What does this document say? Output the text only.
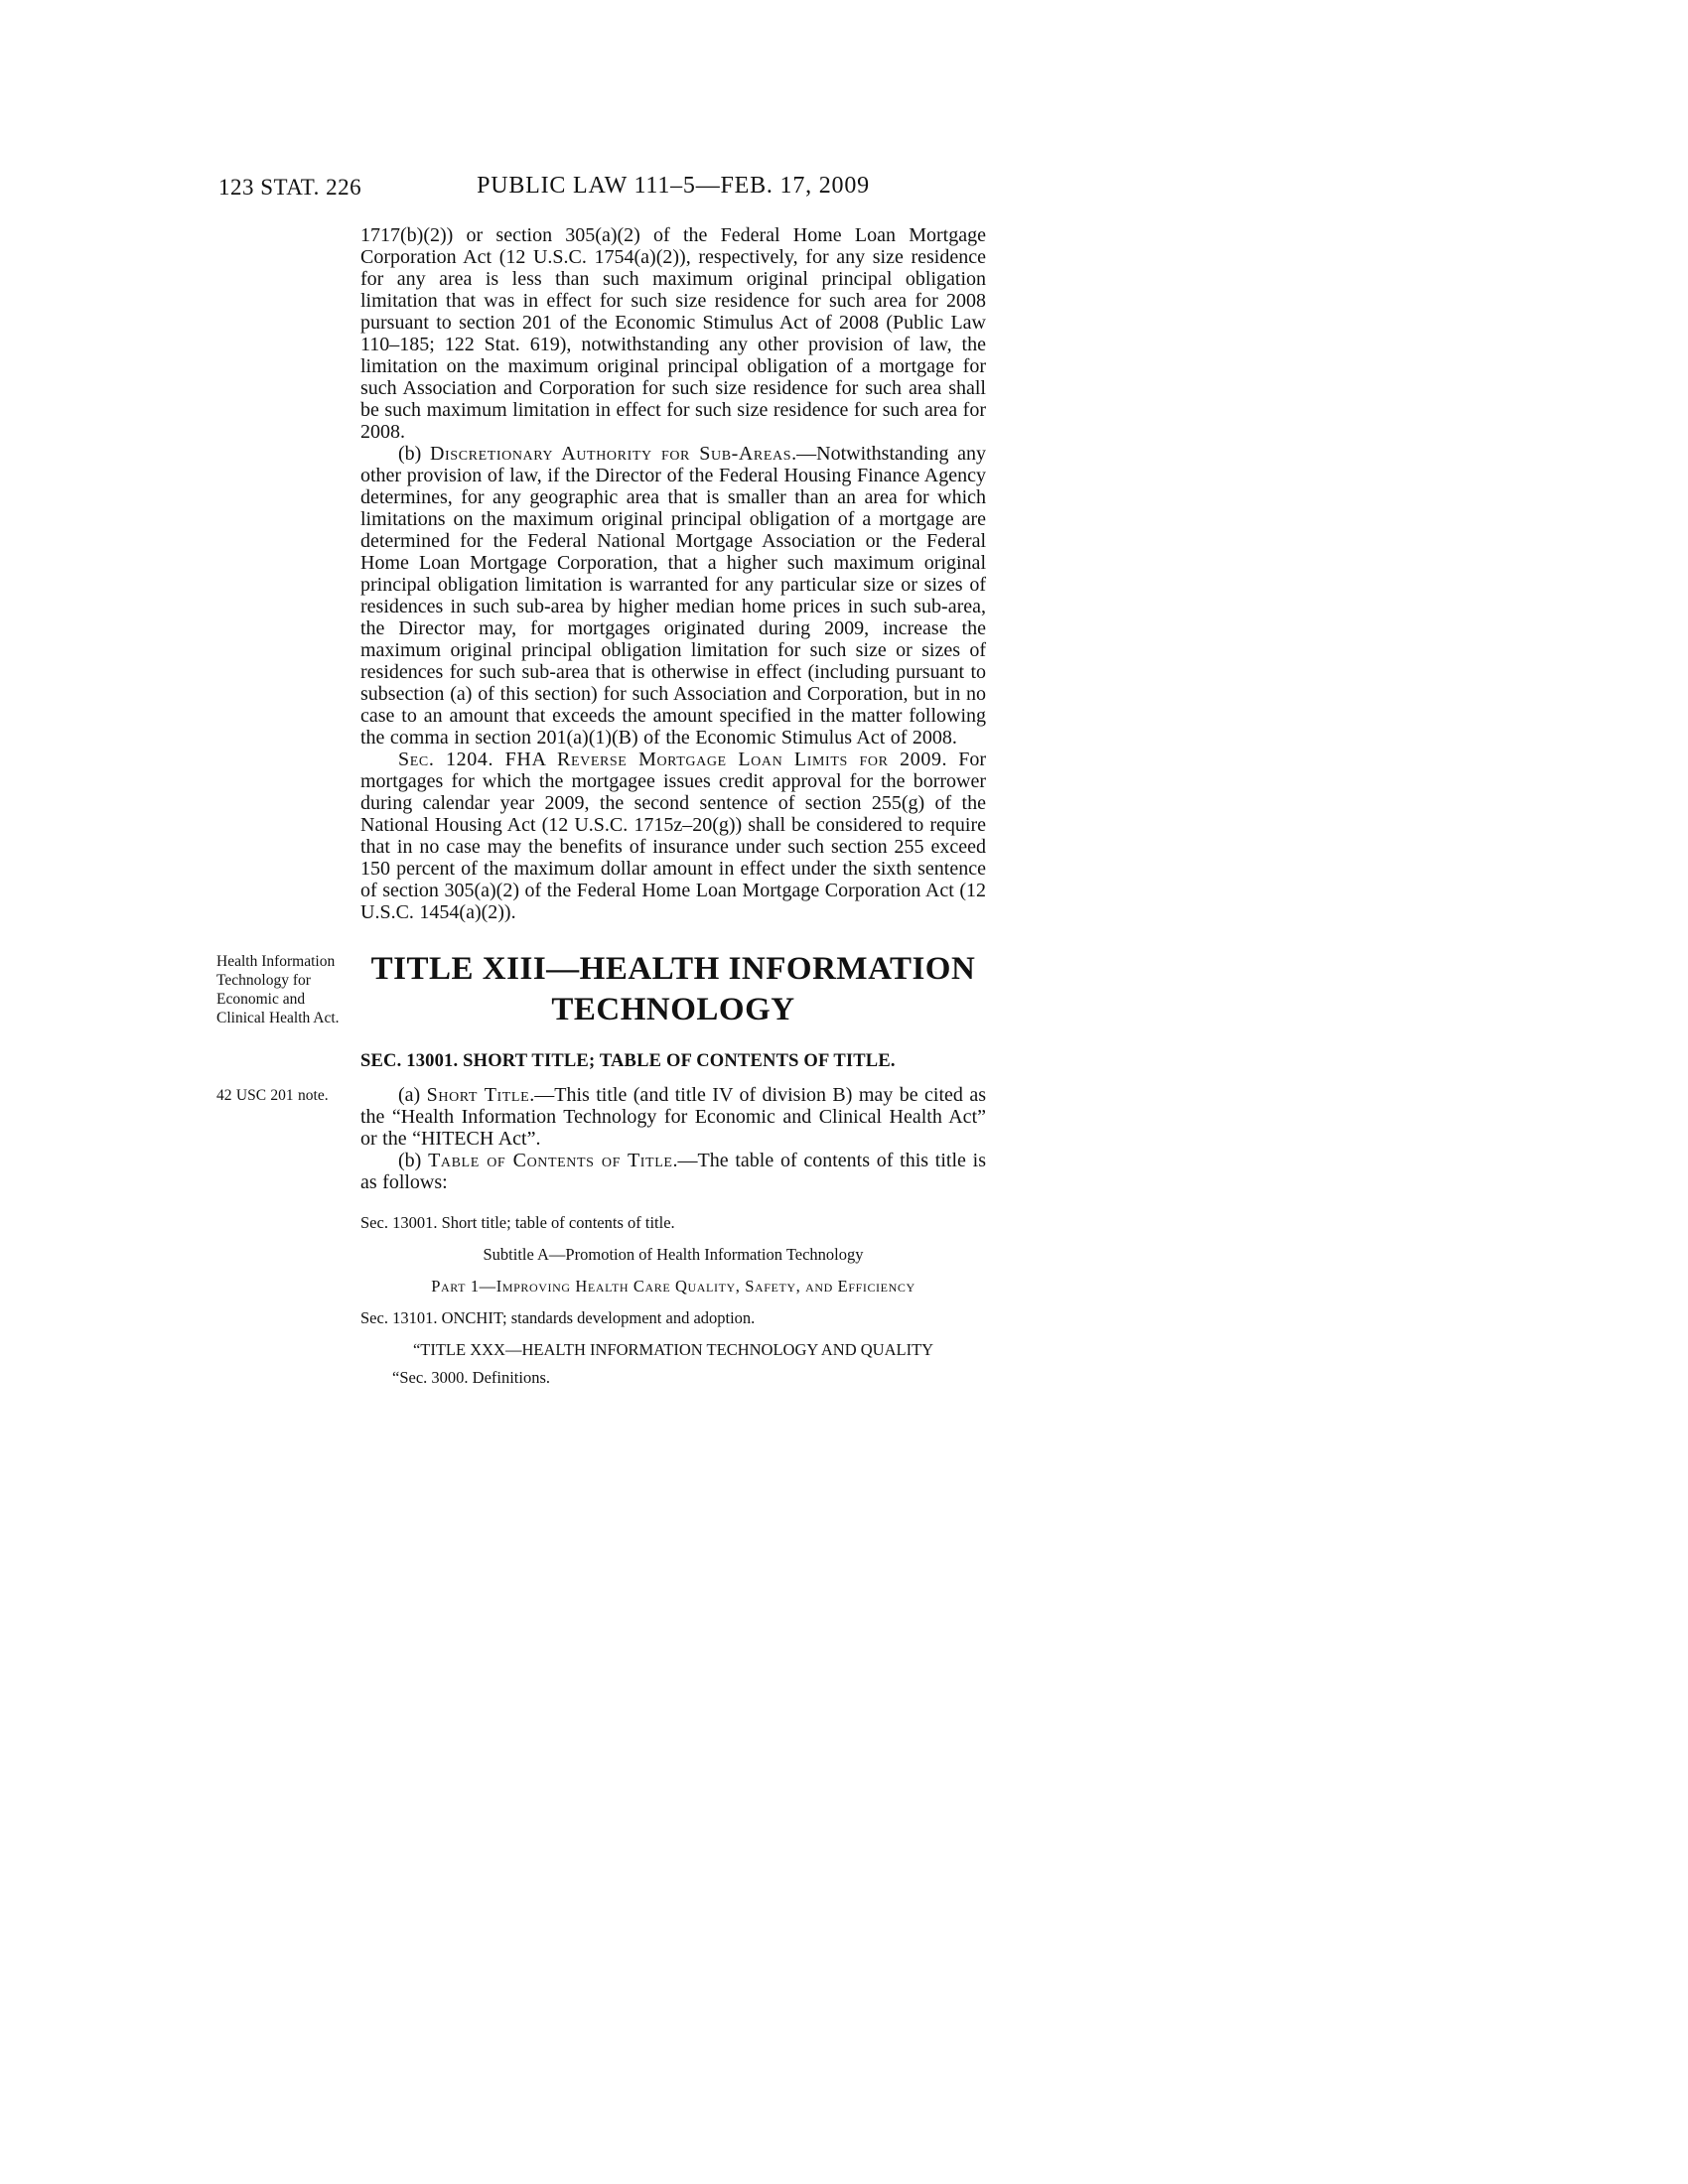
123 STAT. 226	PUBLIC LAW 111–5—FEB. 17, 2009

1717(b)(2)) or section 305(a)(2) of the Federal Home Loan Mortgage Corporation Act (12 U.S.C. 1754(a)(2)), respectively, for any size residence for any area is less than such maximum original principal obligation limitation that was in effect for such size residence for such area for 2008 pursuant to section 201 of the Economic Stimulus Act of 2008 (Public Law 110–185; 122 Stat. 619), notwithstanding any other provision of law, the limitation on the maximum original principal obligation of a mortgage for such Association and Corporation for such size residence for such area shall be such maximum limitation in effect for such size residence for such area for 2008.

(b) Discretionary Authority for Sub-Areas.—Notwithstanding any other provision of law, if the Director of the Federal Housing Finance Agency determines, for any geographic area that is smaller than an area for which limitations on the maximum original principal obligation of a mortgage are determined for the Federal National Mortgage Association or the Federal Home Loan Mortgage Corporation, that a higher such maximum original principal obligation limitation is warranted for any particular size or sizes of residences in such sub-area by higher median home prices in such sub-area, the Director may, for mortgages originated during 2009, increase the maximum original principal obligation limitation for such size or sizes of residences for such sub-area that is otherwise in effect (including pursuant to subsection (a) of this section) for such Association and Corporation, but in no case to an amount that exceeds the amount specified in the matter following the comma in section 201(a)(1)(B) of the Economic Stimulus Act of 2008.

Sec. 1204. FHA Reverse Mortgage Loan Limits for 2009. For mortgages for which the mortgagee issues credit approval for the borrower during calendar year 2009, the second sentence of section 255(g) of the National Housing Act (12 U.S.C. 1715z–20(g)) shall be considered to require that in no case may the benefits of insurance under such section 255 exceed 150 percent of the maximum dollar amount in effect under the sixth sentence of section 305(a)(2) of the Federal Home Loan Mortgage Corporation Act (12 U.S.C. 1454(a)(2)).

Health Information Technology for Economic and Clinical Health Act.
TITLE XIII—HEALTH INFORMATION
TECHNOLOGY
SEC. 13001. SHORT TITLE; TABLE OF CONTENTS OF TITLE.

42 USC 201 note.	(a) Short Title.—This title (and title IV of division B) may be cited as the “Health Information Technology for Economic and Clinical Health Act” or the “HITECH Act”.

(b) Table of Contents of Title.—The table of contents of this title is as follows:

Sec. 13001. Short title; table of contents of title.

Subtitle A—Promotion of Health Information Technology

Part 1—Improving Health Care Quality, Safety, and Efficiency

Sec. 13101. ONCHIT; standards development and adoption.

“TITLE XXX—HEALTH INFORMATION TECHNOLOGY AND QUALITY

“Sec. 3000. Definitions.
